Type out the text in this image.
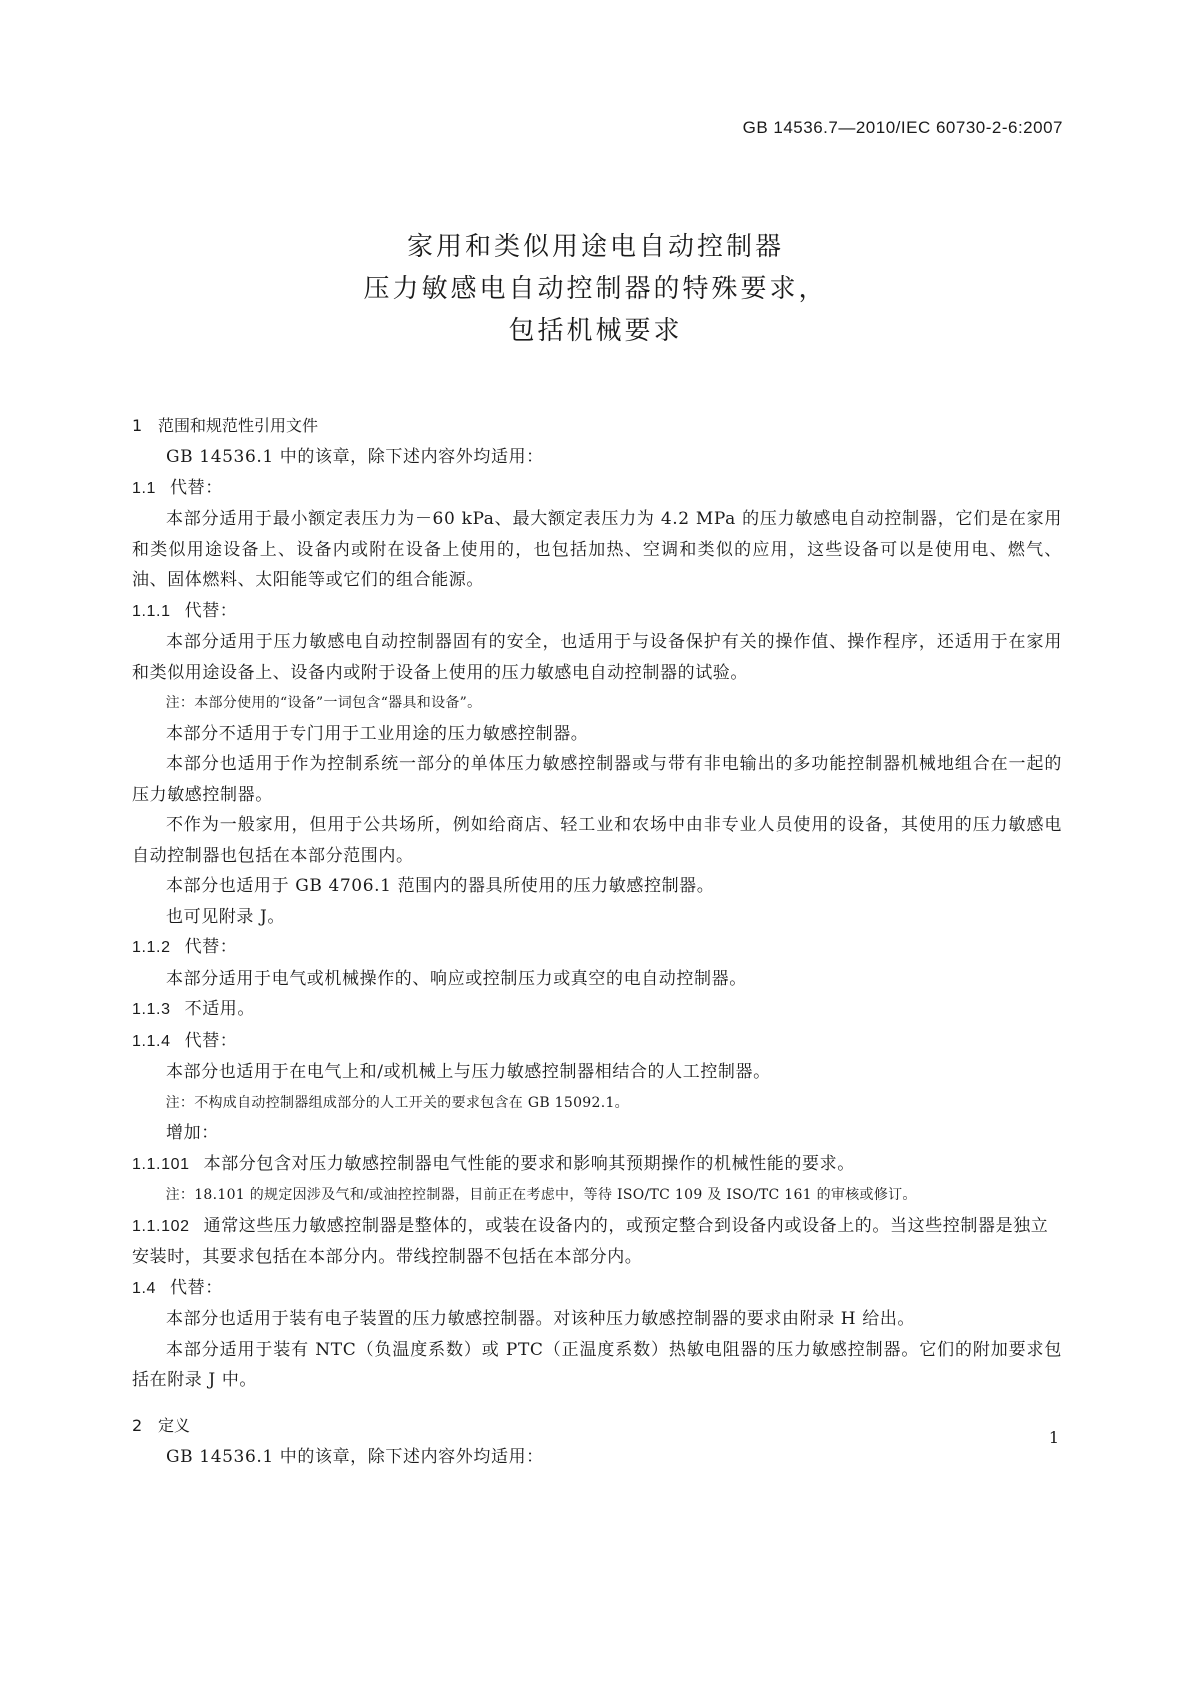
GB 14536.7—2010/IEC 60730-2-6:2007
家用和类似用途电自动控制器
压力敏感电自动控制器的特殊要求，
包括机械要求
1 范围和规范性引用文件

GB 14536.1 中的该章，除下述内容外均适用：

1.1 代替：

本部分适用于最小额定表压力为－60 kPa、最大额定表压力为 4.2 MPa 的压力敏感电自动控制器，它们是在家用和类似用途设备上、设备内或附在设备上使用的，也包括加热、空调和类似的应用，这些设备可以是使用电、燃气、油、固体燃料、太阳能等或它们的组合能源。

1.1.1 代替：

本部分适用于压力敏感电自动控制器固有的安全，也适用于与设备保护有关的操作值、操作程序，还适用于在家用和类似用途设备上、设备内或附于设备上使用的压力敏感电自动控制器的试验。

注：本部分使用的“设备”一词包含“器具和设备”。

本部分不适用于专门用于工业用途的压力敏感控制器。

本部分也适用于作为控制系统一部分的单体压力敏感控制器或与带有非电输出的多功能控制器机械地组合在一起的压力敏感控制器。

不作为一般家用，但用于公共场所，例如给商店、轻工业和农场中由非专业人员使用的设备，其使用的压力敏感电自动控制器也包括在本部分范围内。

本部分也适用于 GB 4706.1 范围内的器具所使用的压力敏感控制器。

也可见附录 J。

1.1.2 代替：

本部分适用于电气或机械操作的、响应或控制压力或真空的电自动控制器。

1.1.3 不适用。

1.1.4 代替：

本部分也适用于在电气上和/或机械上与压力敏感控制器相结合的人工控制器。

注：不构成自动控制器组成部分的人工开关的要求包含在 GB 15092.1。

增加：

1.1.101 本部分包含对压力敏感控制器电气性能的要求和影响其预期操作的机械性能的要求。

注：18.101 的规定因涉及气和/或油控控制器，目前正在考虑中，等待 ISO/TC 109 及 ISO/TC 161 的审核或修订。

1.1.102 通常这些压力敏感控制器是整体的，或装在设备内的，或预定整合到设备内或设备上的。当这些控制器是独立安装时，其要求包括在本部分内。带线控制器不包括在本部分内。

1.4 代替：

本部分也适用于装有电子装置的压力敏感控制器。对该种压力敏感控制器的要求由附录 H 给出。

本部分适用于装有 NTC（负温度系数）或 PTC（正温度系数）热敏电阻器的压力敏感控制器。它们的附加要求包括在附录 J 中。

2 定义

GB 14536.1 中的该章，除下述内容外均适用：

1
